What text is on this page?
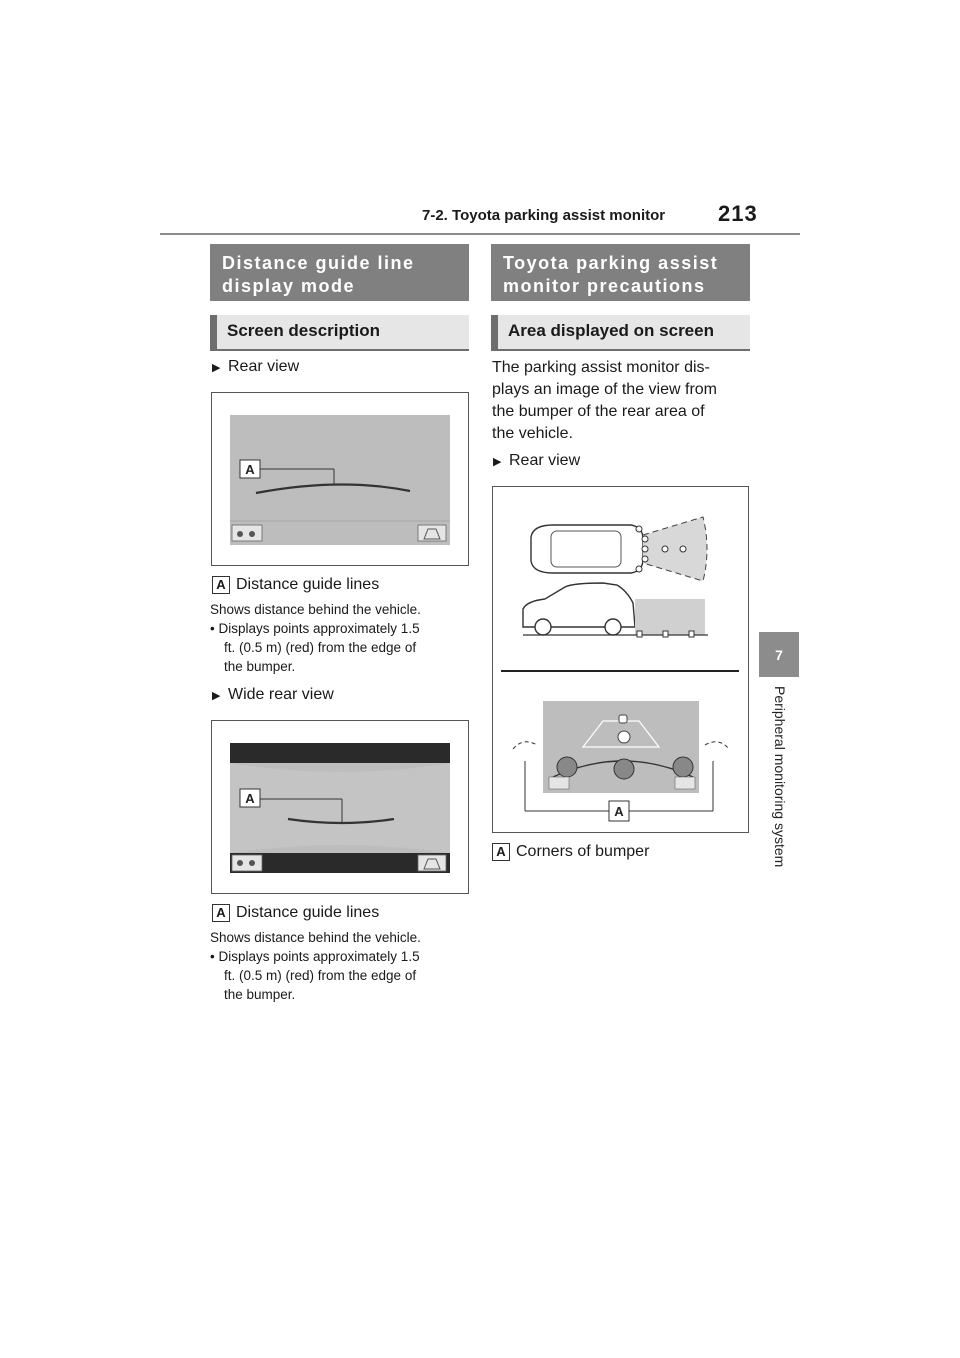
7-2. Toyota parking assist monitor 213
7
Peripheral monitoring system
Distance guide line
display mode
Screen description
▶ Rear view
A
A Distance guide lines
Shows distance behind the vehicle.
• Displays points approximately 1.5
ft. (0.5 m) (red) from the edge of
the bumper.
▶ Wide rear view
A
A Distance guide lines
Shows distance behind the vehicle.
• Displays points approximately 1.5
ft. (0.5 m) (red) from the edge of
the bumper.
Toyota parking assist
monitor precautions
Area displayed on screen
The parking assist monitor dis-
plays an image of the view from
the bumper of the rear area of
the vehicle.
▶ Rear view
A
A Corners of bumper
